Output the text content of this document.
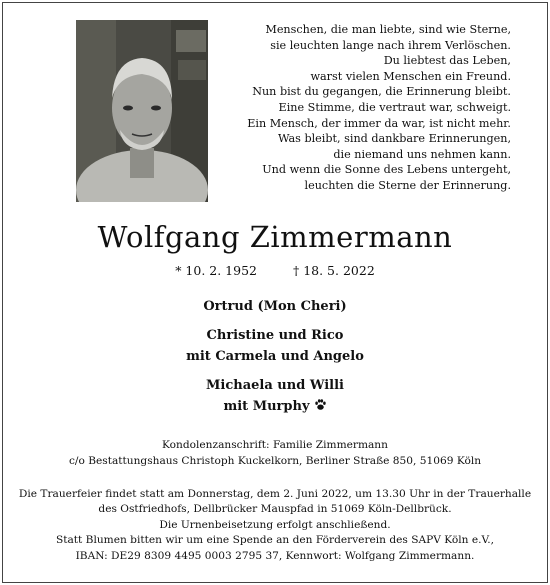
Menschen, die man liebte, sind wie Sterne,
sie leuchten lange nach ihrem Verlöschen.
Du liebtest das Leben,
warst vielen Menschen ein Freund.
Nun bist du gegangen, die Erinnerung bleibt.
Eine Stimme, die vertraut war, schweigt.
Ein Mensch, der immer da war, ist nicht mehr.
Was bleibt, sind dankbare Erinnerungen,
die niemand uns nehmen kann.
Und wenn die Sonne des Lebens untergeht,
leuchten die Sterne der Erinnerung.
Wolfgang Zimmermann
* 10. 2. 1952	† 18. 5. 2022
Ortrud (Mon Cheri)
Christine und Rico
mit Carmela und Angelo
Michaela und Willi
mit Murphy
Kondolenzanschrift: Familie Zimmermann
c/o Bestattungshaus Christoph Kuckelkorn, Berliner Straße 850, 51069 Köln
Die Trauerfeier findet statt am Donnerstag, dem 2. Juni 2022, um 13.30 Uhr in der Trauerhalle
des Ostfriedhofs, Dellbrücker Mauspfad in 51069 Köln-Dellbrück.
Die Urnenbeisetzung erfolgt anschließend.
Statt Blumen bitten wir um eine Spende an den Förderverein des SAPV Köln e.V.,
IBAN: DE29 8309 4495 0003 2795 37, Kennwort: Wolfgang Zimmermann.
